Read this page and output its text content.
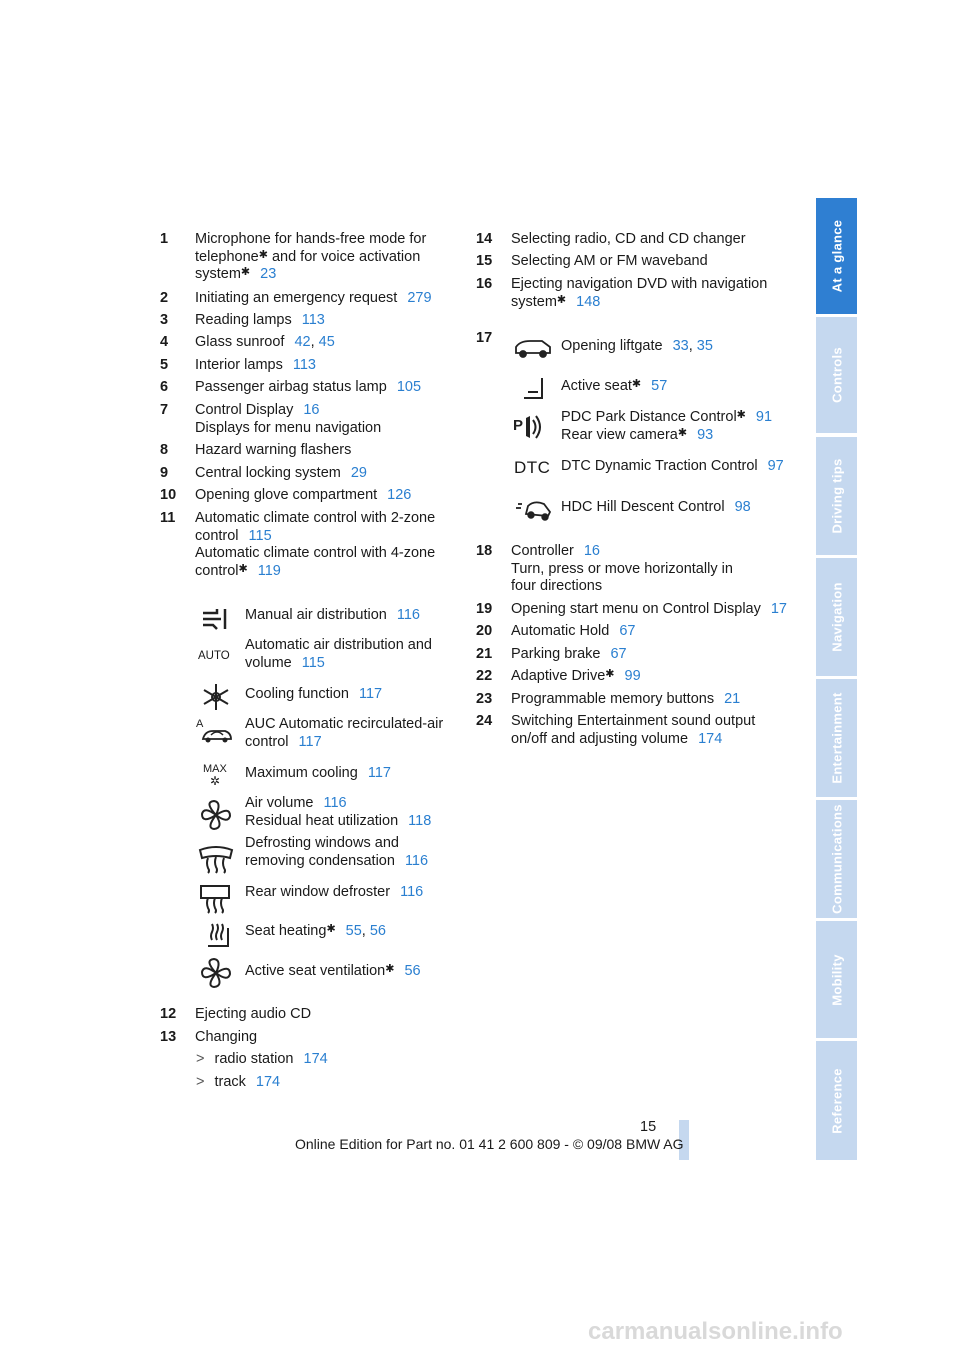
1 Microphone for hands-free mode for
telephone✱ and for voice activation
system✱ 23
2 Initiating an emergency request 279
3 Reading lamps 113
4 Glass sunroof 42, 45
5 Interior lamps 113
6 Passenger airbag status lamp 105
7 Control Display 16
Displays for menu navigation
8 Hazard warning flashers
9 Central locking system 29
10 Opening glove compartment 126
11 Automatic climate control with 2-zone
control 115
Automatic climate control with 4-zone
control✱ 119
Manual air distribution 116
AUTO
Automatic air distribution and
volume 115
Cooling function 117
A	AUC Automatic recirculated-air
control 117
MAX
✲	Maximum cooling 117
Air volume 116
Residual heat utilization 118
Defrosting windows and
removing condensation 116
Rear window defroster 116
Seat heating✱ 55, 56
Active seat ventilation✱ 56
12 Ejecting audio CD
13 Changing
> radio station 174
> track 174
14 Selecting radio, CD and CD changer
15 Selecting AM or FM waveband
16 Ejecting navigation DVD with navigation
system✱ 148
17	Opening liftgate 33, 35
Active seat✱ 57
P	PDC Park Distance Control✱ 91
Rear view camera✱ 93
DTC DTC Dynamic Traction Control 97
HDC Hill Descent Control 98
18 Controller 16
Turn, press or move horizontally in
four directions
19 Opening start menu on Control Display 17
20 Automatic Hold 67
21 Parking brake 67
22 Adaptive Drive✱ 99
23 Programmable memory buttons 21
24 Switching Entertainment sound output
on/off and adjusting volume 174
At a glance
Controls
Driving tips
Navigation
Entertainment
Communications
Mobility
Reference
15
Online Edition for Part no. 01 41 2 600 809 - © 09/08 BMW AG
carmanualsonline.info
